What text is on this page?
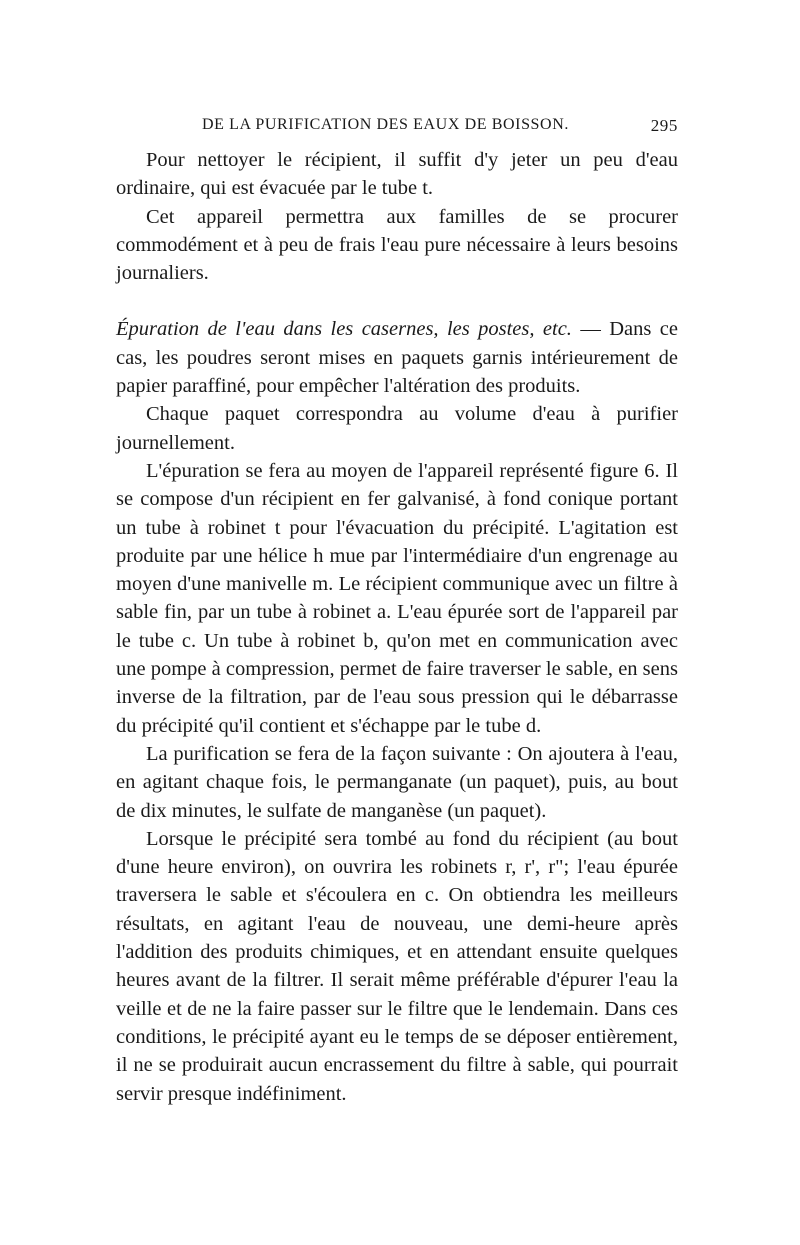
DE LA PURIFICATION DES EAUX DE BOISSON.	295

Pour nettoyer le récipient, il suffit d'y jeter un peu d'eau ordinaire, qui est évacuée par le tube t.

Cet appareil permettra aux familles de se procurer commodément et à peu de frais l'eau pure nécessaire à leurs besoins journaliers.

Épuration de l'eau dans les casernes, les postes, etc. — Dans ce cas, les poudres seront mises en paquets garnis intérieurement de papier paraffiné, pour empêcher l'altération des produits.

Chaque paquet correspondra au volume d'eau à purifier journellement.

L'épuration se fera au moyen de l'appareil représenté figure 6. Il se compose d'un récipient en fer galvanisé, à fond conique portant un tube à robinet t pour l'évacuation du précipité. L'agitation est produite par une hélice h mue par l'intermédiaire d'un engrenage au moyen d'une manivelle m. Le récipient communique avec un filtre à sable fin, par un tube à robinet a. L'eau épurée sort de l'appareil par le tube c. Un tube à robinet b, qu'on met en communication avec une pompe à compression, permet de faire traverser le sable, en sens inverse de la filtration, par de l'eau sous pression qui le débarrasse du précipité qu'il contient et s'échappe par le tube d.

La purification se fera de la façon suivante : On ajoutera à l'eau, en agitant chaque fois, le permanganate (un paquet), puis, au bout de dix minutes, le sulfate de manganèse (un paquet).

Lorsque le précipité sera tombé au fond du récipient (au bout d'une heure environ), on ouvrira les robinets r, r', r"; l'eau épurée traversera le sable et s'écoulera en c. On obtiendra les meilleurs résultats, en agitant l'eau de nouveau, une demi-heure après l'addition des produits chimiques, et en attendant ensuite quelques heures avant de la filtrer. Il serait même préférable d'épurer l'eau la veille et de ne la faire passer sur le filtre que le lendemain. Dans ces conditions, le précipité ayant eu le temps de se déposer entièrement, il ne se produirait aucun encrassement du filtre à sable, qui pourrait servir presque indéfiniment.
